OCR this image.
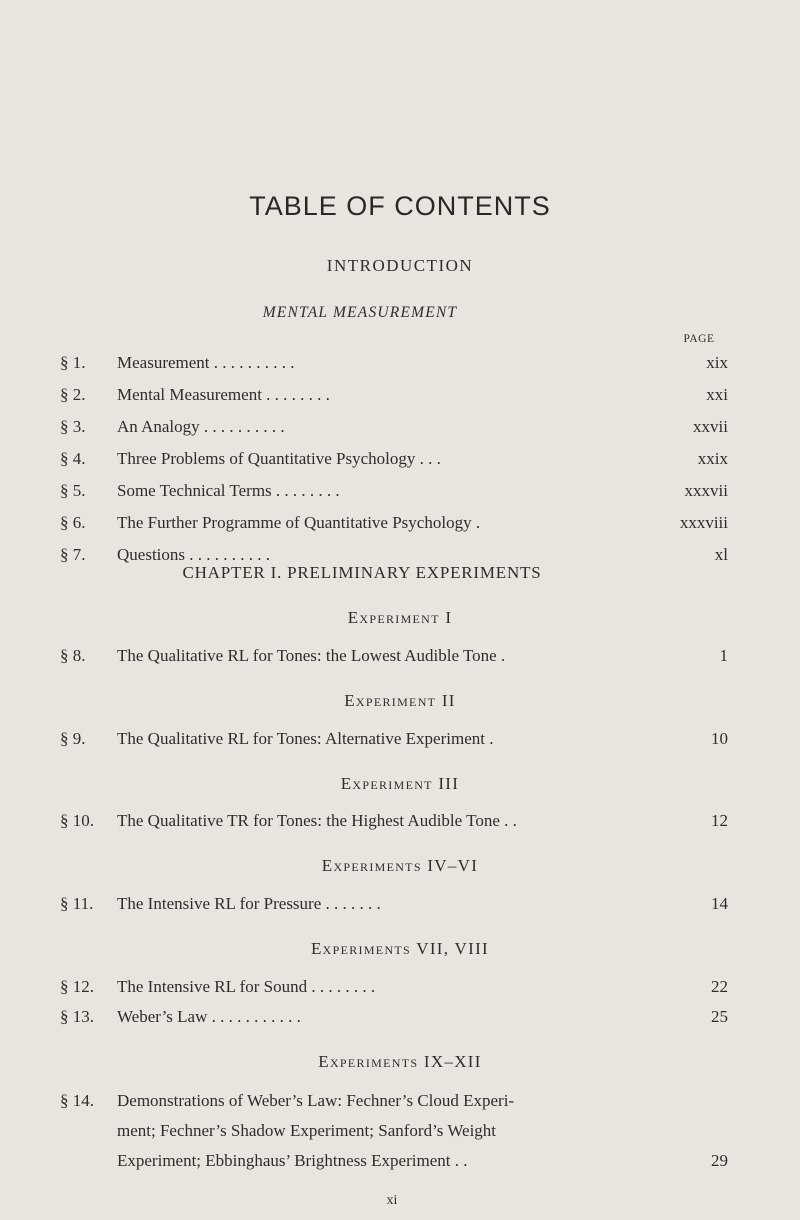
TABLE OF CONTENTS
INTRODUCTION
MENTAL MEASUREMENT
PAGE
§ 1. Measurement . . . . . . . . . .	xix
§ 2. Mental Measurement . . . . . . . .	xxi
§ 3. An Analogy . . . . . . . . . .	xxvii
§ 4. Three Problems of Quantitative Psychology . . .	xxix
§ 5. Some Technical Terms . . . . . . . .	xxxvii
§ 6. The Further Programme of Quantitative Psychology .	xxxviii
§ 7. Questions . . . . . . . . . .	xl
CHAPTER I. PRELIMINARY EXPERIMENTS
Experiment I
§ 8. The Qualitative RL for Tones: the Lowest Audible Tone .	1
Experiment II
§ 9. The Qualitative RL for Tones: Alternative Experiment .	10
Experiment III
§ 10. The Qualitative TR for Tones: the Highest Audible Tone . .	12
Experiments IV–VI
§ 11. The Intensive RL for Pressure . . . . . . .	14
Experiments VII, VIII
§ 12. The Intensive RL for Sound . . . . . . . .	22
§ 13. Weber’s Law . . . . . . . . . . .	25
Experiments IX–XII
§ 14. Demonstrations of Weber’s Law: Fechner’s Cloud Experi-
ment; Fechner’s Shadow Experiment; Sanford’s Weight
Experiment; Ebbinghaus’ Brightness Experiment . .	29
xi
